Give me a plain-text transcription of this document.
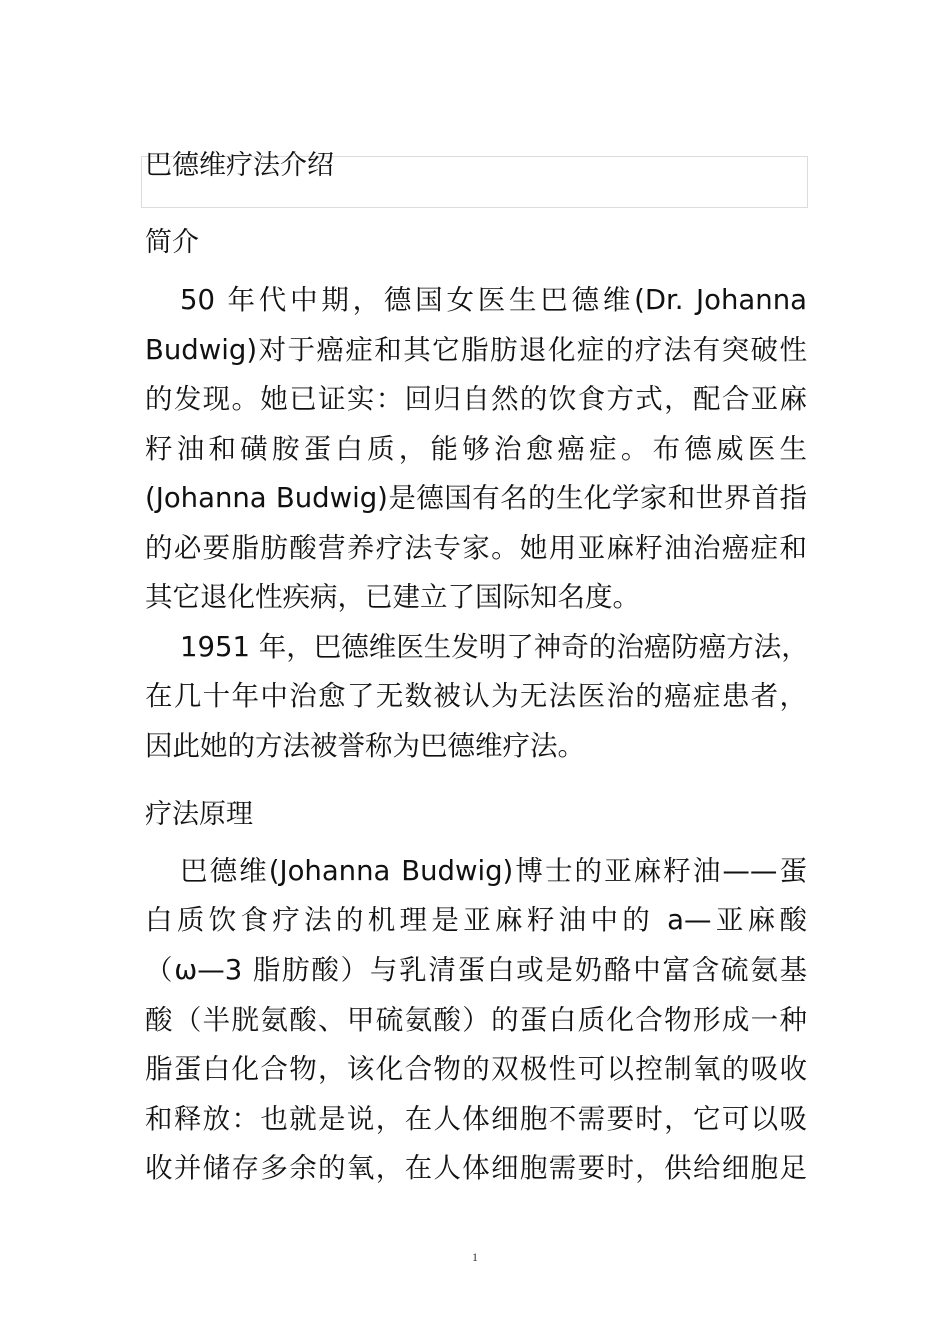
巴德维疗法介绍
简介
50 年代中期，德国女医生巴德维(Dr. Johanna
Budwig)对于癌症和其它脂肪退化症的疗法有突破性
的发现。她已证实：回归自然的饮食方式，配合亚麻
籽油和磺胺蛋白质，能够治愈癌症。布德威医生
(Johanna Budwig)是德国有名的生化学家和世界首指
的必要脂肪酸营养疗法专家。她用亚麻籽油治癌症和
其它退化性疾病，已建立了国际知名度。
1951 年，巴德维医生发明了神奇的治癌防癌方法，
在几十年中治愈了无数被认为无法医治的癌症患者，
因此她的方法被誉称为巴德维疗法。
疗法原理
巴德维(Johanna Budwig)博士的亚麻籽油——蛋
白质饮食疗法的机理是亚麻籽油中的 a—亚麻酸
（ω—3 脂肪酸）与乳清蛋白或是奶酪中富含硫氨基
酸（半胱氨酸、甲硫氨酸）的蛋白质化合物形成一种
脂蛋白化合物，该化合物的双极性可以控制氧的吸收
和释放：也就是说，在人体细胞不需要时，它可以吸
收并储存多余的氧，在人体细胞需要时，供给细胞足
1
